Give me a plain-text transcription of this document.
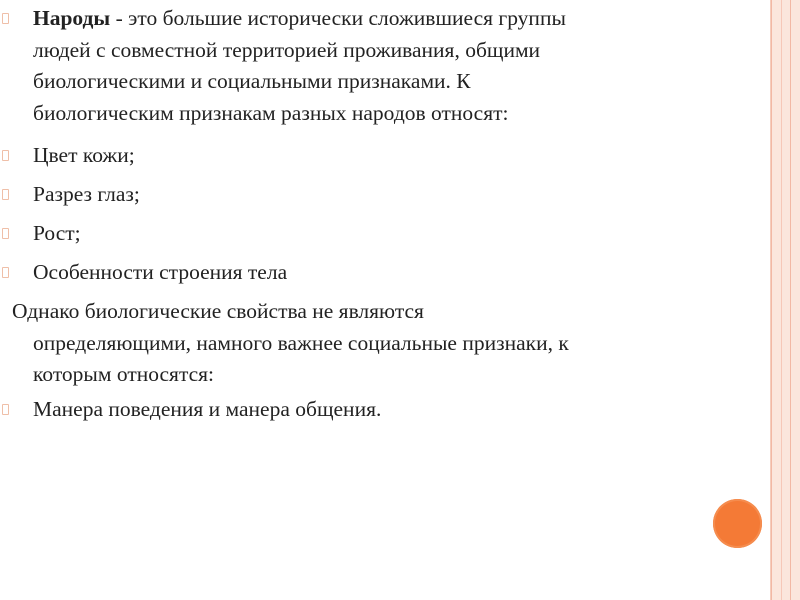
Народы - это большие исторически сложившиеся группы
людей с совместной территорией проживания, общими
биологическими и социальными признаками. К
биологическим признакам разных народов относят:
Цвет кожи;
Разрез глаз;
Рост;
Особенности строения тела
Однако биологические свойства не являются
определяющими, намного важнее социальные признаки, к
которым относятся:
Манера поведения и манера общения.
